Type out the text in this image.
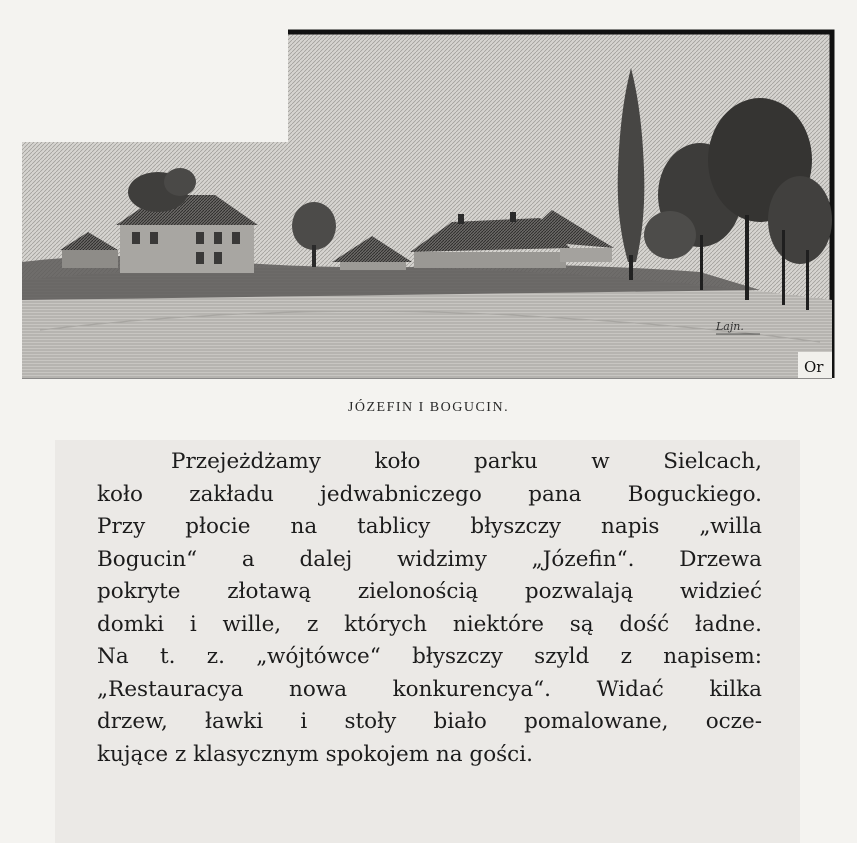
Lajn.
Or
JÓZEFIN I BOGUCIN.
Przejeżdżamy koło parku w Sielcach,
koło zakładu jedwabniczego pana Boguckiego.
Przy płocie na tablicy błyszczy napis „willa
Bogucin“ a dalej widzimy „Józefin“. Drzewa
pokryte złotawą zielonością pozwalają widzieć
domki i wille, z których niektóre są dość ładne.
Na t. z. „wójtówce“ błyszczy szyld z napisem:
„Restauracya nowa konkurencya“. Widać kilka
drzew, ławki i stoły biało pomalowane, ocze-
kujące z klasycznym spokojem na gości.
